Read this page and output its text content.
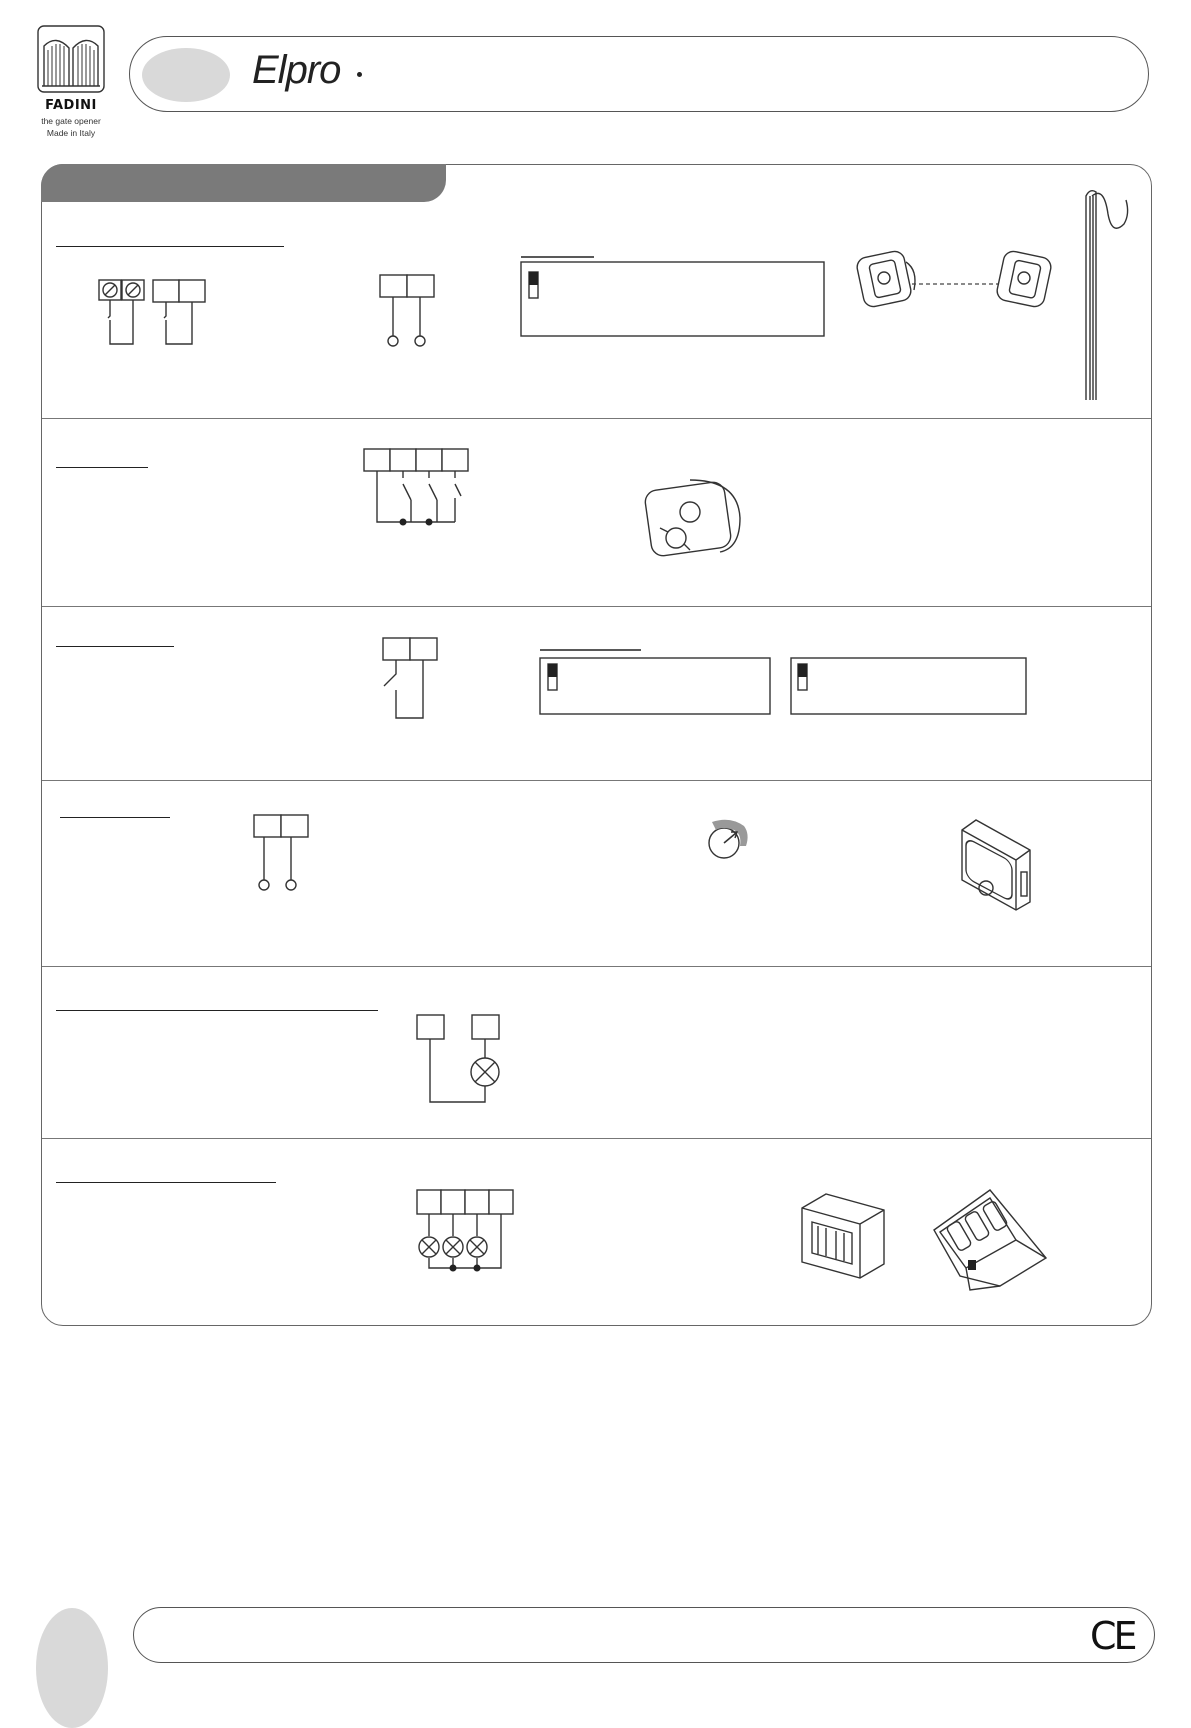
FADINI
the gate opener
Made in Italy
Elpro
CE
